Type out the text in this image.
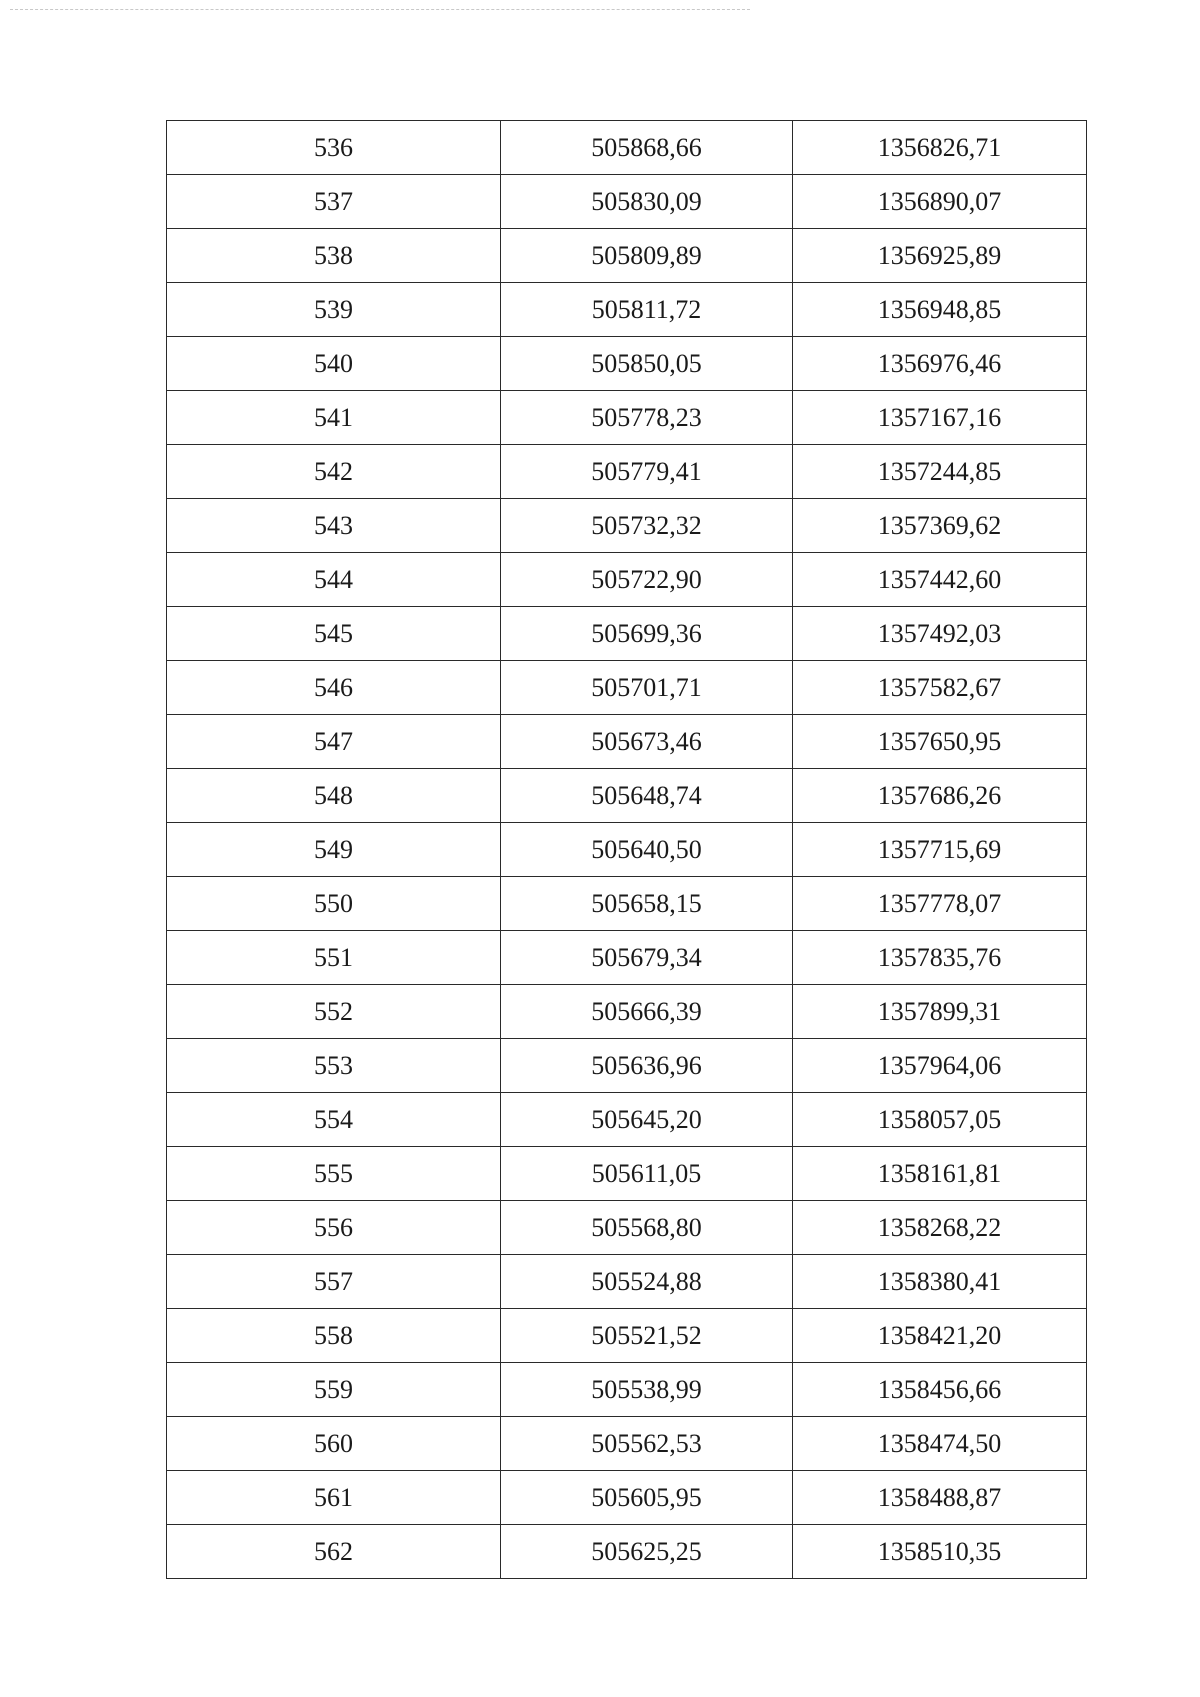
536	505868,66	1356826,71
537	505830,09	1356890,07
538	505809,89	1356925,89
539	505811,72	1356948,85
540	505850,05	1356976,46
541	505778,23	1357167,16
542	505779,41	1357244,85
543	505732,32	1357369,62
544	505722,90	1357442,60
545	505699,36	1357492,03
546	505701,71	1357582,67
547	505673,46	1357650,95
548	505648,74	1357686,26
549	505640,50	1357715,69
550	505658,15	1357778,07
551	505679,34	1357835,76
552	505666,39	1357899,31
553	505636,96	1357964,06
554	505645,20	1358057,05
555	505611,05	1358161,81
556	505568,80	1358268,22
557	505524,88	1358380,41
558	505521,52	1358421,20
559	505538,99	1358456,66
560	505562,53	1358474,50
561	505605,95	1358488,87
562	505625,25	1358510,35
